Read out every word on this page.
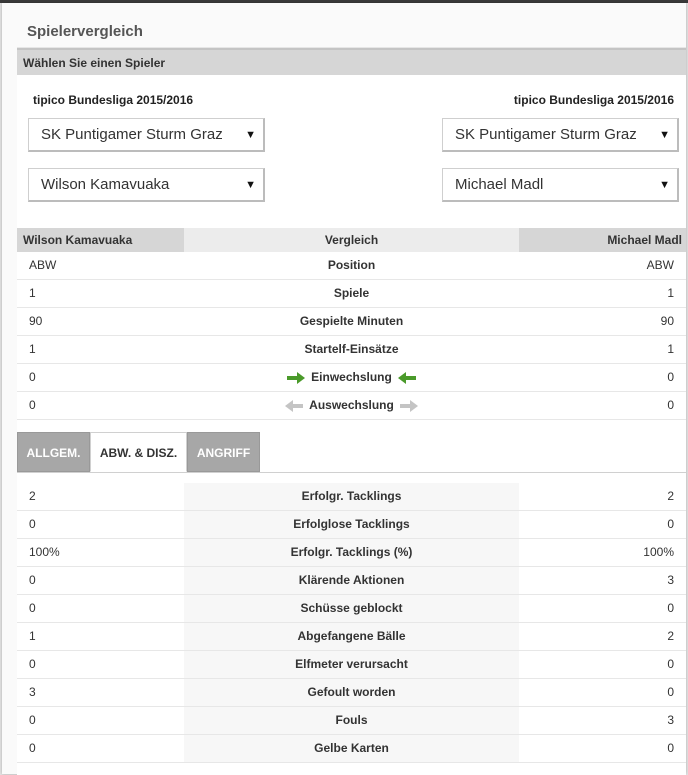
Spielervergleich
Wählen Sie einen Spieler
tipico Bundesliga 2015/2016	tipico Bundesliga 2015/2016
SK Puntigamer Sturm Graz ▼	SK Puntigamer Sturm Graz ▼
Wilson Kamavuaka	▼	Michael Madl	▼
Wilson Kamavuaka	Vergleich	Michael Madl
ABW	Position	ABW
1	Spiele	1
90	Gespielte Minuten	90
1	Startelf-Einsätze	1
0	Einwechslung	0
0	Auswechslung	0
ALLGEM.	ABW. & DISZ.	ANGRIFF
2	Erfolgr. Tacklings	2
0	Erfolglose Tacklings	0
100%	Erfolgr. Tacklings (%)	100%
0	Klärende Aktionen	3
0	Schüsse geblockt	0
1	Abgefangene Bälle	2
0	Elfmeter verursacht	0
3	Gefoult worden	0
0	Fouls	3
0	Gelbe Karten	0
